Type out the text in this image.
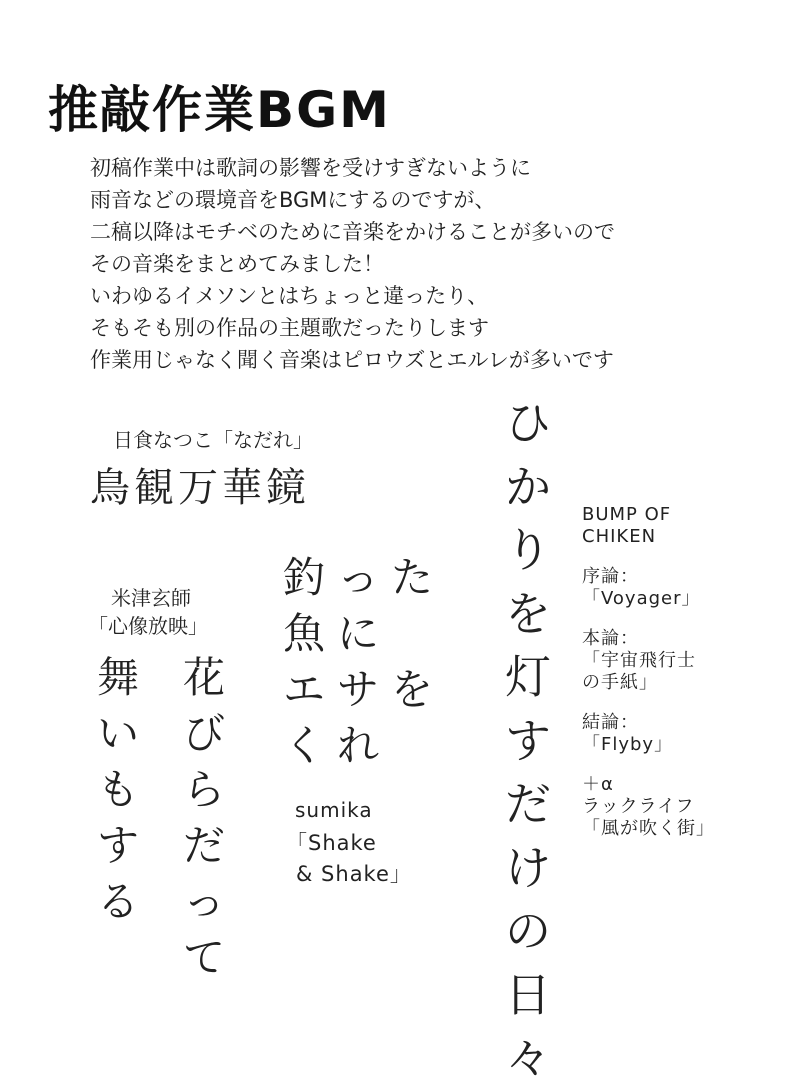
推敲作業BGM
初稿作業中は歌詞の影響を受けすぎないように
雨音などの環境音をBGMにするのですが、
二稿以降はモチベのために音楽をかけることが多いので
その音楽をまとめてみました！
いわゆるイメソンとはちょっと違ったり、
そもそも別の作品の主題歌だったりします
作業用じゃなく聞く音楽はピロウズとエルレが多いです
日食なつこ「なだれ」
鳥観万華鏡
米津玄師
「心像放映」
花
び
ら
だ
っ
て
舞
い
も
す
る
た
を
っ
に
サ
れ
釣
魚
エ
く
sumika
「Shake
& Shake」
ひ
か
り
を
灯
す
だ
け
の
日
々
BUMP OF
CHIKEN
序論：
「Voyager」
本論：
「宇宙飛行士
の手紙」
結論：
「Flyby」
＋α
ラックライフ
「風が吹く街」
